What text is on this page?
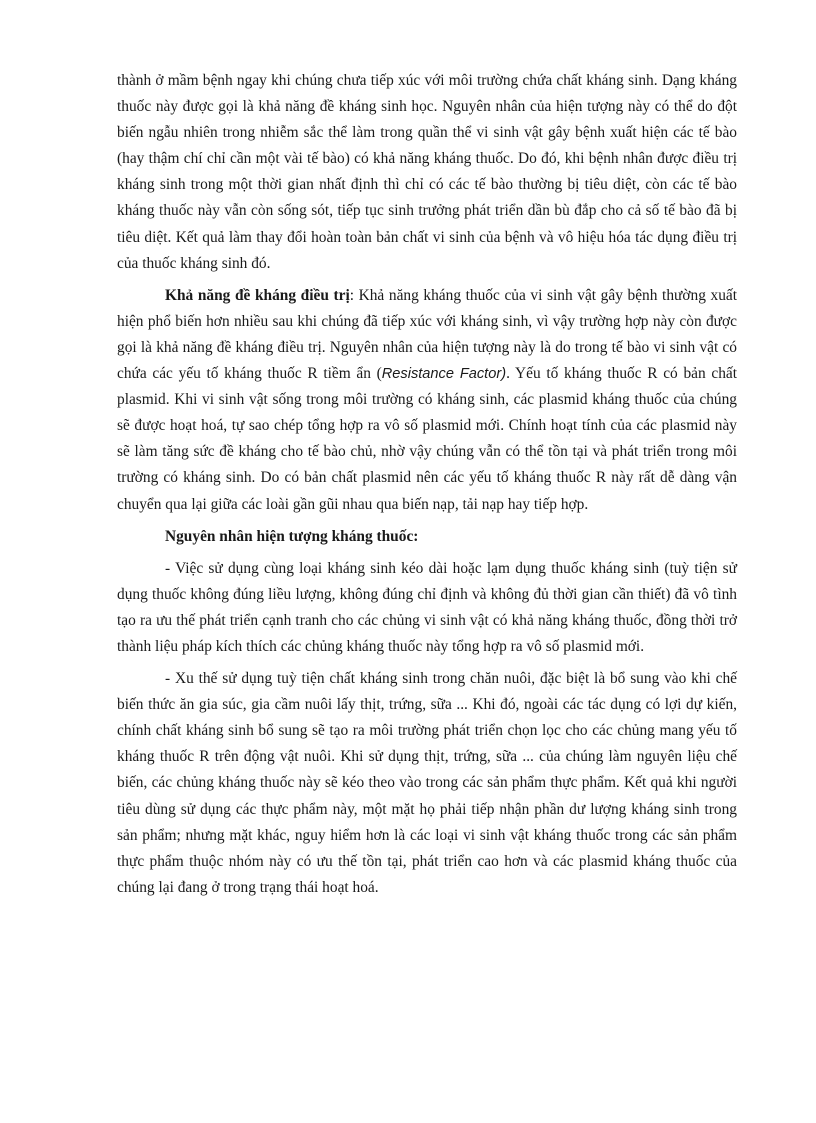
thành ở mầm bệnh ngay khi chúng chưa tiếp xúc với môi trường chứa chất kháng sinh. Dạng kháng thuốc này được gọi là khả năng đề kháng sinh học. Nguyên nhân của hiện tượng này có thể do đột biến ngẫu nhiên trong nhiễm sắc thể làm trong quần thể vi sinh vật gây bệnh xuất hiện các tế bào (hay thậm chí chỉ cần một vài tế bào) có khả năng kháng thuốc. Do đó, khi bệnh nhân được điều trị kháng sinh trong một thời gian nhất định thì chỉ có các tế bào thường bị tiêu diệt, còn các tế bào kháng thuốc này vẫn còn sống sót, tiếp tục sinh trưởng phát triển dần bù đắp cho cả số tế bào đã bị tiêu diệt. Kết quả làm thay đổi hoàn toàn bản chất vi sinh của bệnh và vô hiệu hóa tác dụng điều trị của thuốc kháng sinh đó.

Khả năng đề kháng điều trị: Khả năng kháng thuốc của vi sinh vật gây bệnh thường xuất hiện phổ biến hơn nhiều sau khi chúng đã tiếp xúc với kháng sinh, vì vậy trường hợp này còn được gọi là khả năng đề kháng điều trị. Nguyên nhân của hiện tượng này là do trong tế bào vi sinh vật có chứa các yếu tố kháng thuốc R tiềm ẩn (Resistance Factor). Yếu tố kháng thuốc R có bản chất plasmid. Khi vi sinh vật sống trong môi trường có kháng sinh, các plasmid kháng thuốc của chúng sẽ được hoạt hoá, tự sao chép tổng hợp ra vô số plasmid mới. Chính hoạt tính của các plasmid này sẽ làm tăng sức đề kháng cho tế bào chủ, nhờ vậy chúng vẫn có thể tồn tại và phát triển trong môi trường có kháng sinh. Do có bản chất plasmid nên các yếu tố kháng thuốc R này rất dễ dàng vận chuyển qua lại giữa các loài gần gũi nhau qua biến nạp, tải nạp hay tiếp hợp.

Nguyên nhân hiện tượng kháng thuốc:

- Việc sử dụng cùng loại kháng sinh kéo dài hoặc lạm dụng thuốc kháng sinh (tuỳ tiện sử dụng thuốc không đúng liều lượng, không đúng chỉ định và không đủ thời gian cần thiết) đã vô tình tạo ra ưu thế phát triển cạnh tranh cho các chủng vi sinh vật có khả năng kháng thuốc, đồng thời trở thành liệu pháp kích thích các chủng kháng thuốc này tổng hợp ra vô số plasmid mới.

- Xu thế sử dụng tuỳ tiện chất kháng sinh trong chăn nuôi, đặc biệt là bổ sung vào khi chế biến thức ăn gia súc, gia cầm nuôi lấy thịt, trứng, sữa ... Khi đó, ngoài các tác dụng có lợi dự kiến, chính chất kháng sinh bổ sung sẽ tạo ra môi trường phát triển chọn lọc cho các chủng mang yếu tố kháng thuốc R trên động vật nuôi. Khi sử dụng thịt, trứng, sữa ... của chúng làm nguyên liệu chế biến, các chủng kháng thuốc này sẽ kéo theo vào trong các sản phẩm thực phẩm. Kết quả khi người tiêu dùng sử dụng các thực phẩm này, một mặt họ phải tiếp nhận phần dư lượng kháng sinh trong sản phẩm; nhưng mặt khác, nguy hiểm hơn là các loại vi sinh vật kháng thuốc trong các sản phẩm thực phẩm thuộc nhóm này có ưu thế tồn tại, phát triển cao hơn và các plasmid kháng thuốc của chúng lại đang ở trong trạng thái hoạt hoá.
